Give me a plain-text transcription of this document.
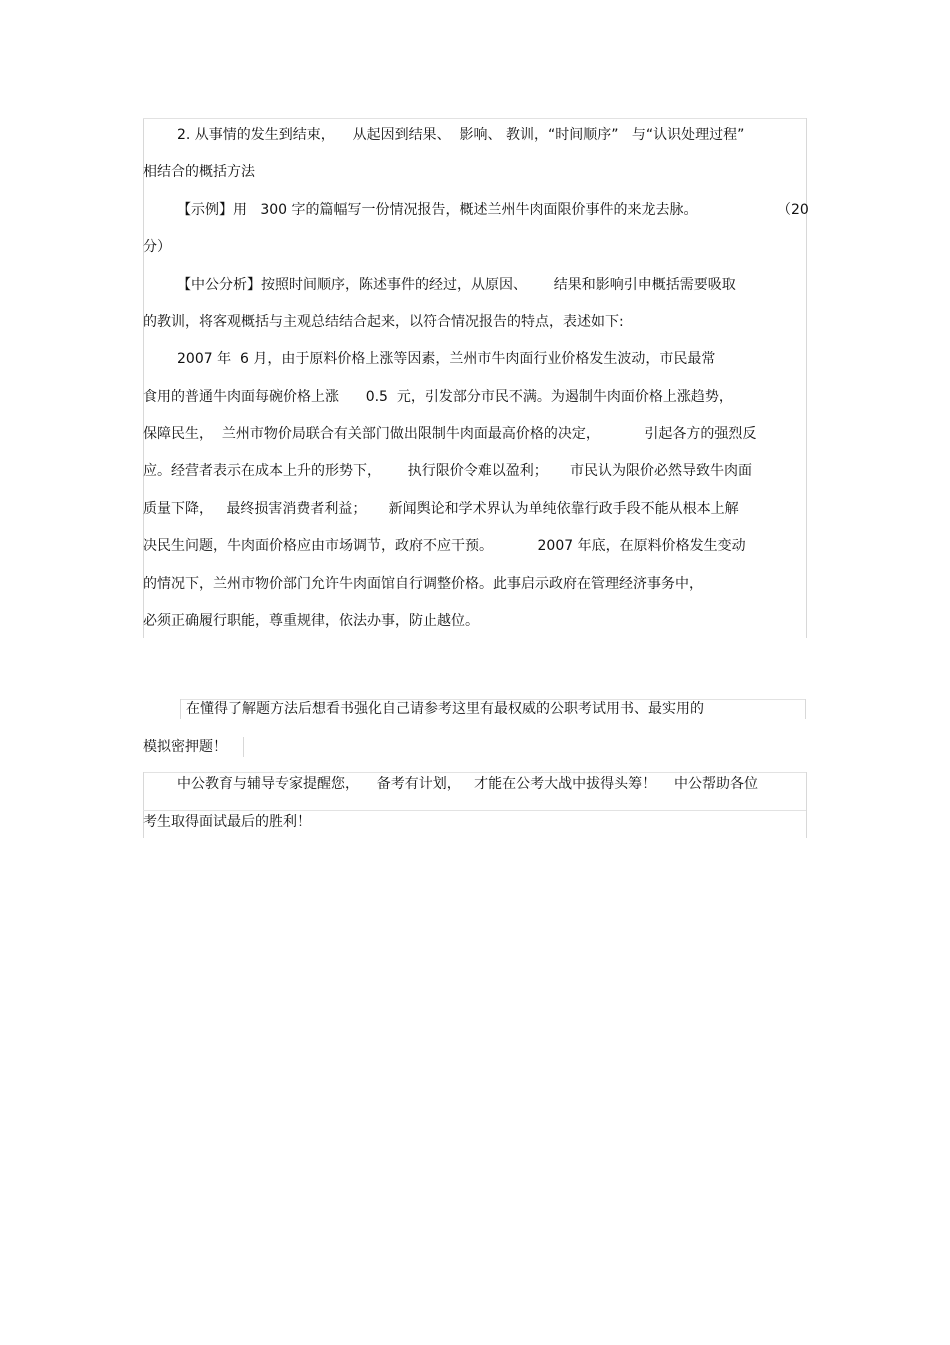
2. 从事情的发生到结束，    从起因到结果、  影响、 教训，“时间顺序”   与“认识处理过程”
相结合的概括方法
【示例】用   300 字的篇幅写一份情况报告，概述兰州牛肉面限价事件的来龙去脉。	（20
分）
【中公分析】按照时间顺序，陈述事件的经过，从原因、      结果和影响引申概括需要吸取
的教训，将客观概括与主观总结结合起来，以符合情况报告的特点，表述如下:
2007 年  6 月，由于原料价格上涨等因素，兰州市牛肉面行业价格发生波动，市民最常
食用的普通牛肉面每碗价格上涨      0.5  元，引发部分市民不满。为遏制牛肉面价格上涨趋势，
保障民生，  兰州市物价局联合有关部门做出限制牛肉面最高价格的决定，          引起各方的强烈反
应。经营者表示在成本上升的形势下，      执行限价令难以盈利；     市民认为限价必然导致牛肉面
质量下降，   最终损害消费者利益；     新闻舆论和学术界认为单纯依靠行政手段不能从根本上解
决民生问题，牛肉面价格应由市场调节，政府不应干预。          2007 年底，在原料价格发生变动
的情况下，兰州市物价部门允许牛肉面馆自行调整价格。此事启示政府在管理经济事务中，
必须正确履行职能，尊重规律，依法办事，防止越位。
在懂得了解题方法后想看书强化自己请参考这里有最权威的公职考试用书、最实用的
模拟密押题！
中公教育与辅导专家提醒您，    备考有计划，   才能在公考大战中拔得头筹！    中公帮助各位
考生取得面试最后的胜利！
